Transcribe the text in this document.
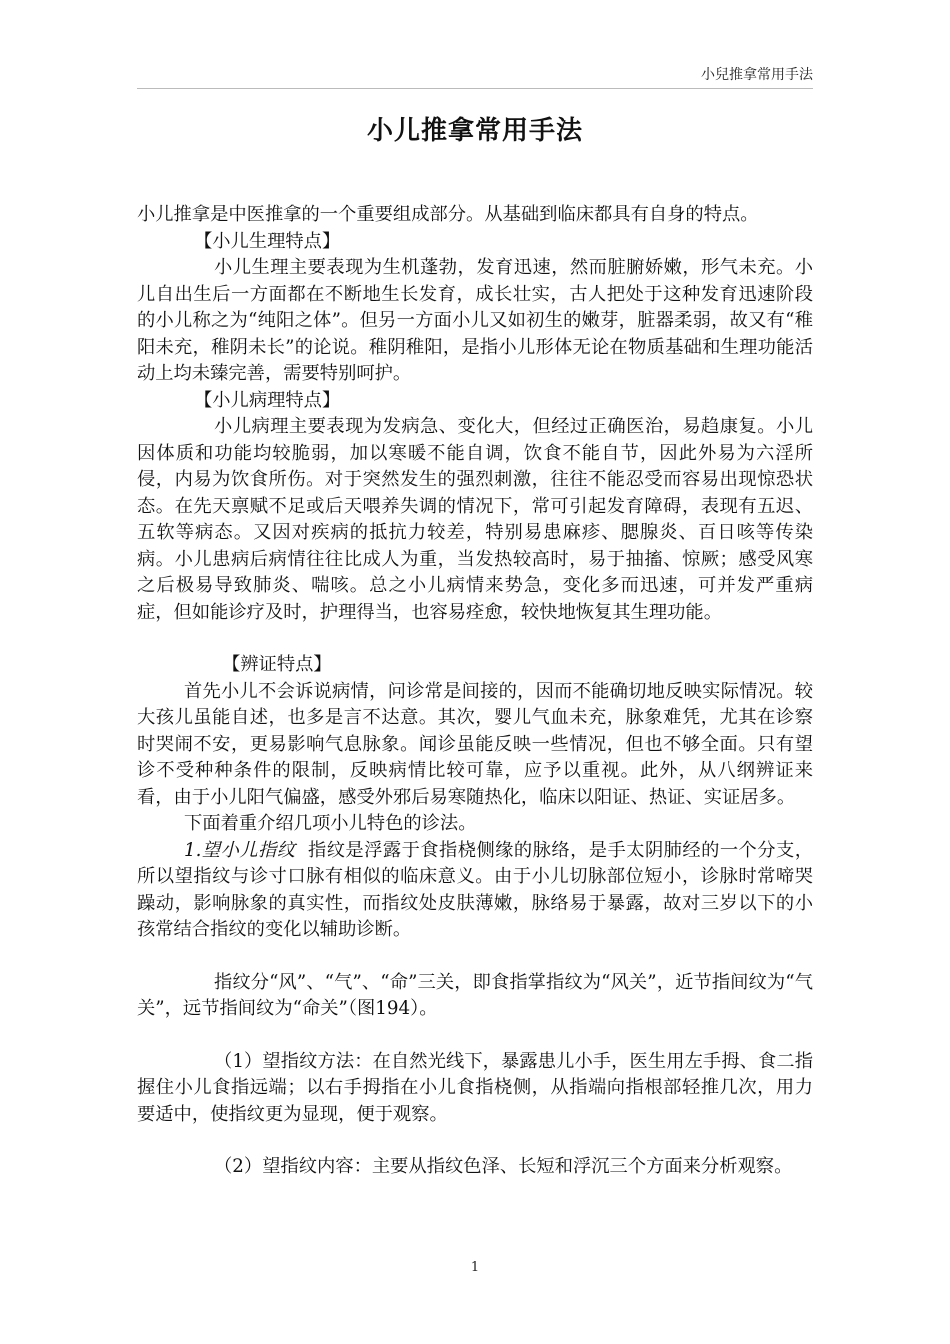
小兒推拿常用手法
小儿推拿常用手法

小儿推拿是中医推拿的一个重要组成部分。从基础到临床都具有自身的特点。

【小儿生理特点】

小儿生理主要表现为生机蓬勃，发育迅速，然而脏腑娇嫩，形气未充。小儿自出生后一方面都在不断地生长发育，成长壮实，古人把处于这种发育迅速阶段的小儿称之为“纯阳之体”。但另一方面小儿又如初生的嫩芽，脏器柔弱，故又有“稚阳未充，稚阴未长”的论说。稚阴稚阳，是指小儿形体无论在物质基础和生理功能活动上均未臻完善，需要特别呵护。

【小儿病理特点】

小儿病理主要表现为发病急、变化大，但经过正确医治，易趋康复。小儿因体质和功能均较脆弱，加以寒暖不能自调，饮食不能自节，因此外易为六淫所侵，内易为饮食所伤。对于突然发生的强烈刺激，往往不能忍受而容易出现惊恐状态。在先天禀赋不足或后天喂养失调的情况下，常可引起发育障碍，表现有五迟、五软等病态。又因对疾病的抵抗力较差，特别易患麻疹、腮腺炎、百日咳等传染病。小儿患病后病情往往比成人为重，当发热较高时，易于抽搐、惊厥；感受风寒之后极易导致肺炎、喘咳。总之小儿病情来势急，变化多而迅速，可并发严重病症，但如能诊疗及时，护理得当，也容易痊愈，较快地恢复其生理功能。

【辨证特点】

首先小儿不会诉说病情，问诊常是间接的，因而不能确切地反映实际情况。较大孩儿虽能自述，也多是言不达意。其次，婴儿气血未充，脉象难凭，尤其在诊察时哭闹不安，更易影响气息脉象。闻诊虽能反映一些情况，但也不够全面。只有望诊不受种种条件的限制，反映病情比较可靠，应予以重视。此外，从八纲辨证来看，由于小儿阳气偏盛，感受外邪后易寒随热化，临床以阳证、热证、实证居多。

下面着重介绍几项小儿特色的诊法。

1.望小儿指纹 指纹是浮露于食指桡侧缘的脉络，是手太阴肺经的一个分支，所以望指纹与诊寸口脉有相似的临床意义。由于小儿切脉部位短小，诊脉时常啼哭躁动，影响脉象的真实性，而指纹处皮肤薄嫩，脉络易于暴露，故对三岁以下的小孩常结合指纹的变化以辅助诊断。

指纹分“风”、“气”、“命”三关，即食指掌指纹为“风关”，近节指间纹为“气关”，远节指间纹为“命关”（图194）。

（1）望指纹方法：在自然光线下，暴露患儿小手，医生用左手拇、食二指握住小儿食指远端；以右手拇指在小儿食指桡侧，从指端向指根部轻推几次，用力要适中，使指纹更为显现，便于观察。

（2）望指纹内容：主要从指纹色泽、长短和浮沉三个方面来分析观察。

1
